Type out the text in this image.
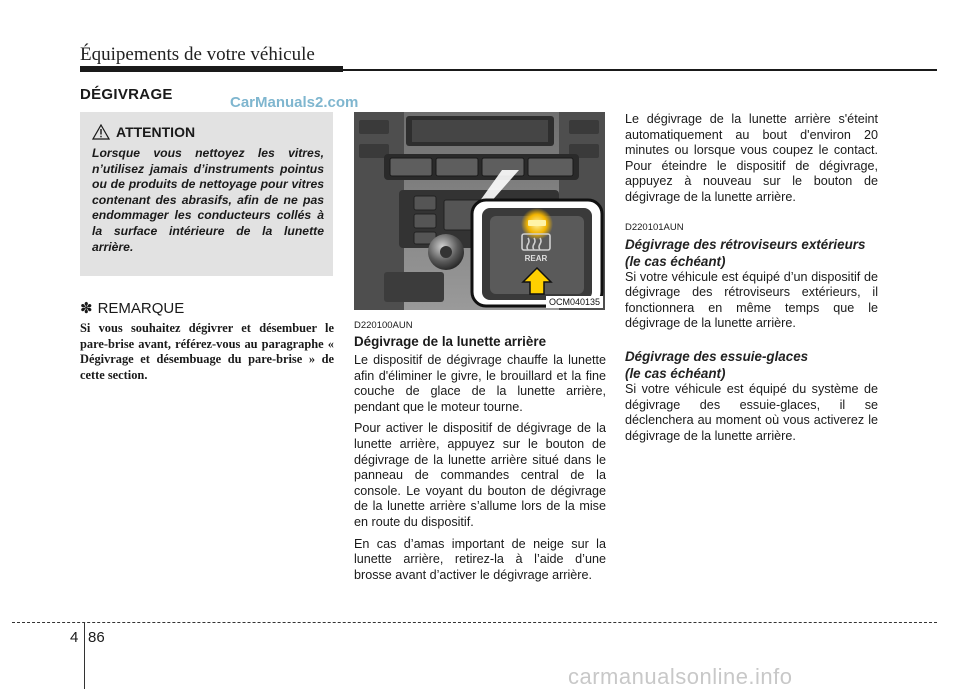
Équipements de votre véhicule
DÉGIVRAGE	CarManuals2.com
ATTENTION
Lorsque vous nettoyez les vitres, n’utilisez jamais d’instruments pointus ou de produits de nettoyage pour vitres contenant des abrasifs, afin de ne pas endommager les conducteurs collés à la surface intérieure de la lunette arrière.
✽ REMARQUE
Si vous souhaitez dégivrer et désembuer le pare-brise avant, référez-vous au paragraphe « Dégivrage et désembuage du pare-brise » de cette section.
REAR
OCM040135
D220100AUN
Dégivrage de la lunette arrière

Le dispositif de dégivrage chauffe la lunette afin d'éliminer le givre, le brouillard et la fine couche de glace de la lunette arrière, pendant que le moteur tourne.

Pour activer le dispositif de dégivrage de la lunette arrière, appuyez sur le bouton de dégivrage de la lunette arrière situé dans le panneau de commandes central de la console. Le voyant du bouton de dégivrage de la lunette arrière s’allume lors de la mise en route du dispositif.

En cas d’amas important de neige sur la lunette arrière, retirez-la à l’aide d’une brosse avant d’activer le dégivrage arrière.

Le dégivrage de la lunette arrière s'éteint automatiquement au bout d'environ 20 minutes ou lorsque vous coupez le contact. Pour éteindre le dispositif de dégivrage, appuyez à nouveau sur le bouton de dégivrage de la lunette arrière.

D220101AUN
Dégivrage des rétroviseurs extérieurs
(le cas échéant)

Si votre véhicule est équipé d’un dispositif de dégivrage des rétroviseurs extérieurs, il fonctionnera en même temps que le dégivrage de la lunette arrière.

Dégivrage des essuie-glaces
(le cas échéant)

Si votre véhicule est équipé du système de dégivrage des essuie-glaces, il se déclenchera au moment où vous activerez le dégivrage de la lunette arrière.

4 86
carmanualsonline.info
